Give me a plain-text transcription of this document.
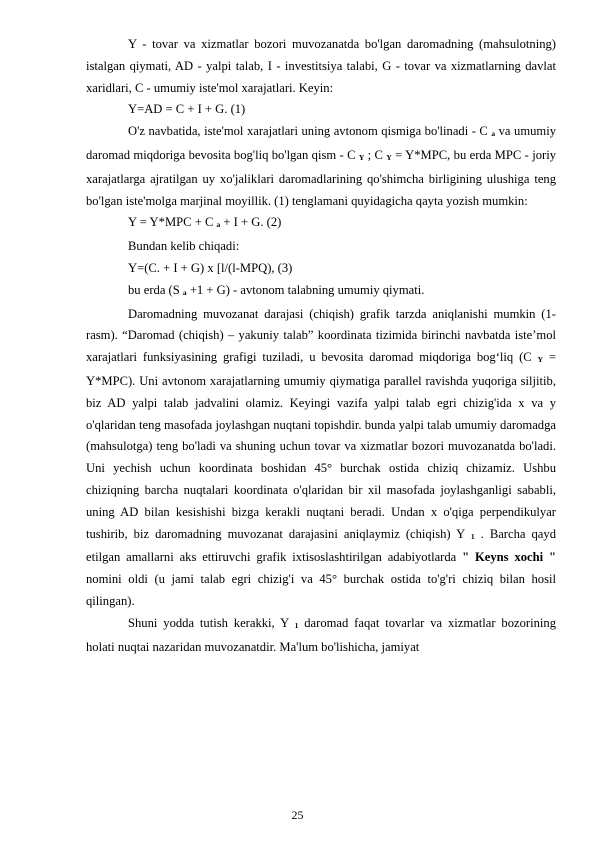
Y - tovar va xizmatlar bozori muvozanatda bo'lgan daromadning (mahsulotning) istalgan qiymati, AD - yalpi talab, I - investitsiya talabi, G - tovar va xizmatlarning davlat xaridlari, C - umumiy iste'mol xarajatlari. Keyin:

Y=AD = C + I + G. (1)

O'z navbatida, iste'mol xarajatlari uning avtonom qismiga bo'linadi - C a va umumiy daromad miqdoriga bevosita bog'liq bo'lgan qism - C Y ; C Y = Y*MPC, bu erda MPC - joriy xarajatlarga ajratilgan uy xo'jaliklari daromadlarining qo'shimcha birligining ulushiga teng bo'lgan iste'molga marjinal moyillik. (1) tenglamani quyidagicha qayta yozish mumkin:

Y = Y*MPC + C a + I + G. (2)

Bundan kelib chiqadi:

Y=(C. + I + G) x [l/(l-MPQ), (3)

bu erda (S a +1 + G) - avtonom talabning umumiy qiymati.

Daromadning muvozanat darajasi (chiqish) grafik tarzda aniqlanishi mumkin (1-rasm). “Daromad (chiqish) – yakuniy talab” koordinata tizimida birinchi navbatda iste’mol xarajatlari funksiyasining grafigi tuziladi, u bevosita daromad miqdoriga bog‘liq (C Y = Y*MPC). Uni avtonom xarajatlarning umumiy qiymatiga parallel ravishda yuqoriga siljitib, biz AD yalpi talab jadvalini olamiz. Keyingi vazifa yalpi talab egri chizig'ida x va y o'qlaridan teng masofada joylashgan nuqtani topishdir. bunda yalpi talab umumiy daromadga (mahsulotga) teng bo'ladi va shuning uchun tovar va xizmatlar bozori muvozanatda bo'ladi. Uni yechish uchun koordinata boshidan 45° burchak ostida chiziq chizamiz. Ushbu chiziqning barcha nuqtalari koordinata o'qlaridan bir xil masofada joylashganligi sababli, uning AD bilan kesishishi bizga kerakli nuqtani beradi. Undan x o'qiga perpendikulyar tushirib, biz daromadning muvozanat darajasini aniqlaymiz (chiqish) Y 1 . Barcha qayd etilgan amallarni aks ettiruvchi grafik ixtisoslashtirilgan adabiyotlarda " Keyns xochi " nomini oldi (u jami talab egri chizig'i va 45° burchak ostida to'g'ri chiziq bilan hosil qilingan).

Shuni yodda tutish kerakki, Y 1 daromad faqat tovarlar va xizmatlar bozorining holati nuqtai nazaridan muvozanatdir. Ma'lum bo'lishicha, jamiyat

25
